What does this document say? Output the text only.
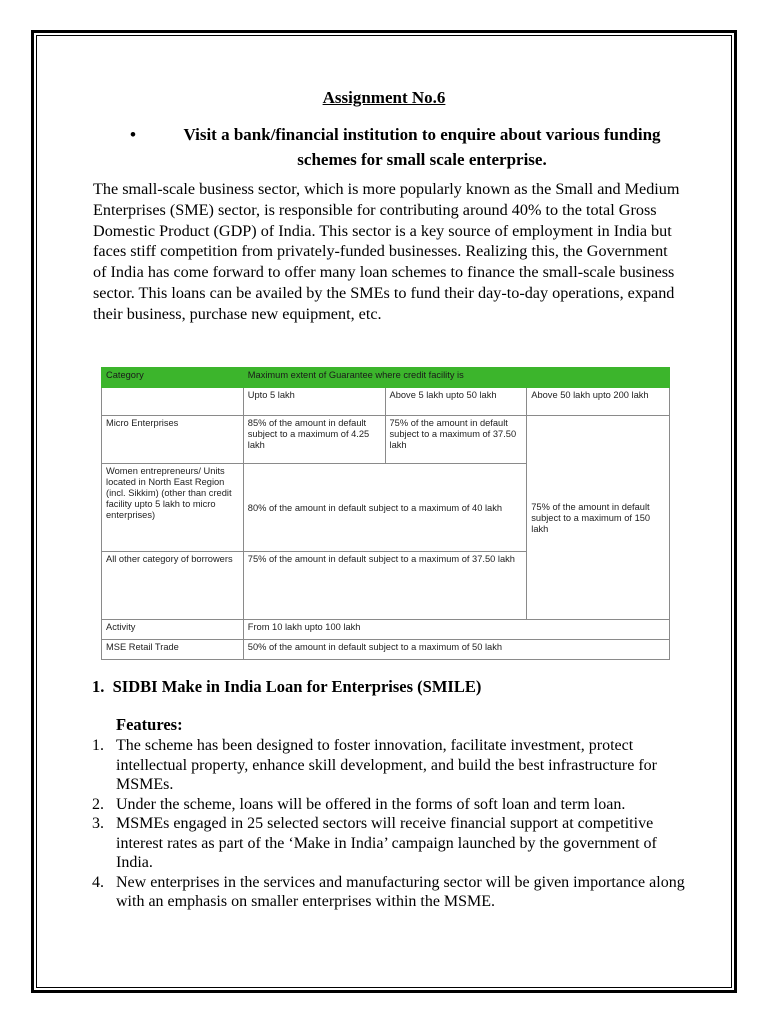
Assignment No.6
•	Visit a bank/financial institution to enquire about various funding schemes for small scale enterprise.
The small-scale business sector, which is more popularly known as the Small and Medium Enterprises (SME) sector, is responsible for contributing around 40% to the total Gross Domestic Product (GDP) of India. This sector is a key source of employment in India but faces stiff competition from privately-funded businesses. Realizing this, the Government of India has come forward to offer many loan schemes to finance the small-scale business sector. This loans can be availed by the SMEs to fund their day-to-day operations, expand their business, purchase new equipment, etc.
Category	Maximum extent of Guarantee where credit facility is		
	Upto 5 lakh	Above 5 lakh upto 50 lakh	Above 50 lakh upto 200 lakh
Micro Enterprises	85% of the amount in default subject to a maximum of 4.25 lakh	75% of the amount in default subject to a maximum of 37.50 lakh	75% of the amount in default subject to a maximum of 150 lakh
Women entrepreneurs/ Units located in North East Region (incl. Sikkim) (other than credit facility upto 5 lakh to micro enterprises)	80% of the amount in default subject to a maximum of 40 lakh		
All other category of borrowers	75% of the amount in default subject to a maximum of 37.50 lakh		
Activity	From 10 lakh upto 100 lakh		
MSE Retail Trade	50% of the amount in default subject to a maximum of 50 lakh		
1. SIDBI Make in India Loan for Enterprises (SMILE)
Features:
1. The scheme has been designed to foster innovation, facilitate investment, protect intellectual property, enhance skill development, and build the best infrastructure for MSMEs.
2. Under the scheme, loans will be offered in the forms of soft loan and term loan.
3. MSMEs engaged in 25 selected sectors will receive financial support at competitive interest rates as part of the ‘Make in India’ campaign launched by the government of India.
4. New enterprises in the services and manufacturing sector will be given importance along with an emphasis on smaller enterprises within the MSME.
